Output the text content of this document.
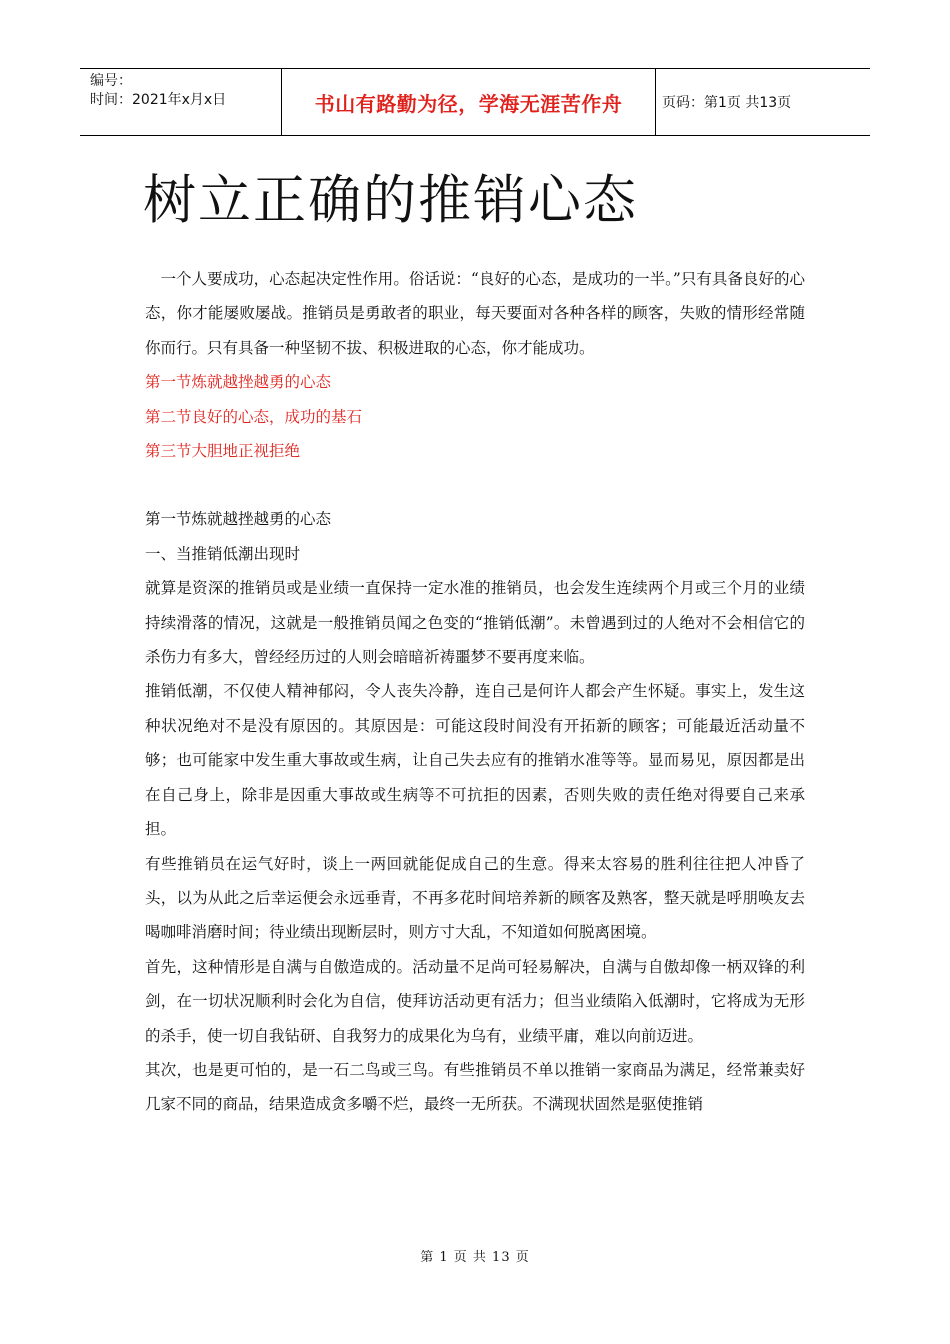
编号：
时间：2021年x月x日	书山有路勤为径，学海无涯苦作舟	页码：第1页 共13页
树立正确的推销心态

一个人要成功，心态起决定性作用。俗话说：“良好的心态，是成功的一半。”只有具备良好的心态，你才能屡败屡战。推销员是勇敢者的职业，每天要面对各种各样的顾客，失败的情形经常随你而行。只有具备一种坚韧不拔、积极进取的心态，你才能成功。

第一节炼就越挫越勇的心态

第二节良好的心态，成功的基石

第三节大胆地正视拒绝

第一节炼就越挫越勇的心态

一、当推销低潮出现时

就算是资深的推销员或是业绩一直保持一定水准的推销员，也会发生连续两个月或三个月的业绩持续滑落的情况，这就是一般推销员闻之色变的“推销低潮”。未曾遇到过的人绝对不会相信它的杀伤力有多大，曾经经历过的人则会暗暗祈祷噩梦不要再度来临。

推销低潮，不仅使人精神郁闷，令人丧失冷静，连自己是何许人都会产生怀疑。事实上，发生这种状况绝对不是没有原因的。其原因是：可能这段时间没有开拓新的顾客；可能最近活动量不够；也可能家中发生重大事故或生病，让自己失去应有的推销水准等等。显而易见，原因都是出在自己身上，除非是因重大事故或生病等不可抗拒的因素，否则失败的责任绝对得要自己来承担。

有些推销员在运气好时，谈上一两回就能促成自己的生意。得来太容易的胜利往往把人冲昏了头，以为从此之后幸运便会永远垂青，不再多花时间培养新的顾客及熟客，整天就是呼朋唤友去喝咖啡消磨时间；待业绩出现断层时，则方寸大乱，不知道如何脱离困境。

首先，这种情形是自满与自傲造成的。活动量不足尚可轻易解决，自满与自傲却像一柄双锋的利剑，在一切状况顺利时会化为自信，使拜访活动更有活力；但当业绩陷入低潮时，它将成为无形的杀手，使一切自我钻研、自我努力的成果化为乌有，业绩平庸，难以向前迈进。

其次，也是更可怕的，是一石二鸟或三鸟。有些推销员不单以推销一家商品为满足，经常兼卖好几家不同的商品，结果造成贪多嚼不烂，最终一无所获。不满现状固然是驱使推销

第 1 页 共 13 页
